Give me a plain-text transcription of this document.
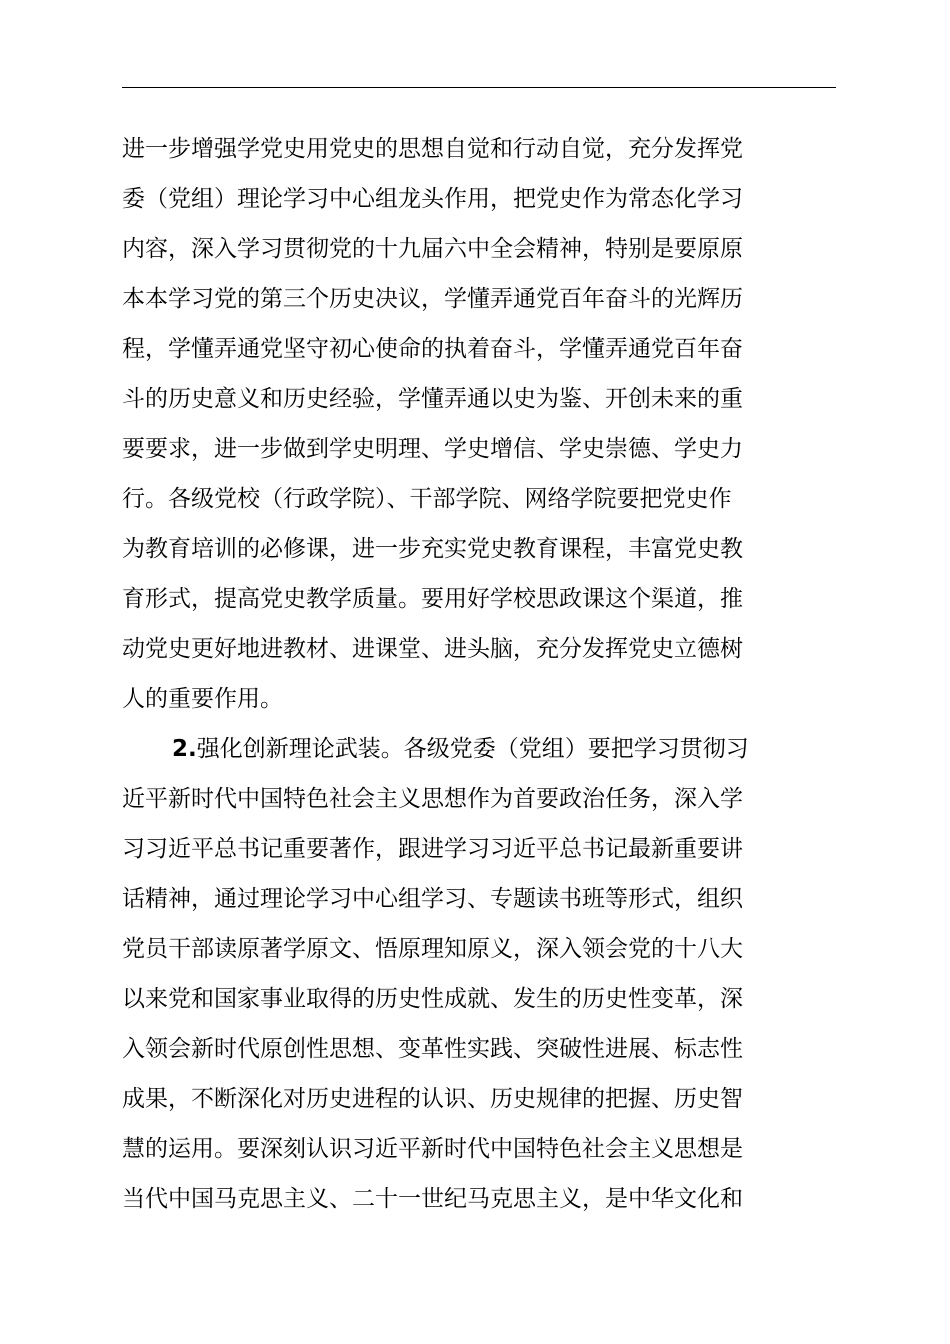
进一步增强学党史用党史的思想自觉和行动自觉，充分发挥党
委（党组）理论学习中心组龙头作用，把党史作为常态化学习
内容，深入学习贯彻党的十九届六中全会精神，特别是要原原
本本学习党的第三个历史决议，学懂弄通党百年奋斗的光辉历
程，学懂弄通党坚守初心使命的执着奋斗，学懂弄通党百年奋
斗的历史意义和历史经验，学懂弄通以史为鉴、开创未来的重
要要求，进一步做到学史明理、学史增信、学史崇德、学史力
行。各级党校（行政学院）、干部学院、网络学院要把党史作
为教育培训的必修课，进一步充实党史教育课程，丰富党史教
育形式，提高党史教学质量。要用好学校思政课这个渠道，推
动党史更好地进教材、进课堂、进头脑，充分发挥党史立德树
人的重要作用。
2.强化创新理论武装。各级党委（党组）要把学习贯彻习
近平新时代中国特色社会主义思想作为首要政治任务，深入学
习习近平总书记重要著作，跟进学习习近平总书记最新重要讲
话精神，通过理论学习中心组学习、专题读书班等形式，组织
党员干部读原著学原文、悟原理知原义，深入领会党的十八大
以来党和国家事业取得的历史性成就、发生的历史性变革，深
入领会新时代原创性思想、变革性实践、突破性进展、标志性
成果，不断深化对历史进程的认识、历史规律的把握、历史智
慧的运用。要深刻认识习近平新时代中国特色社会主义思想是
当代中国马克思主义、二十一世纪马克思主义，是中华文化和
